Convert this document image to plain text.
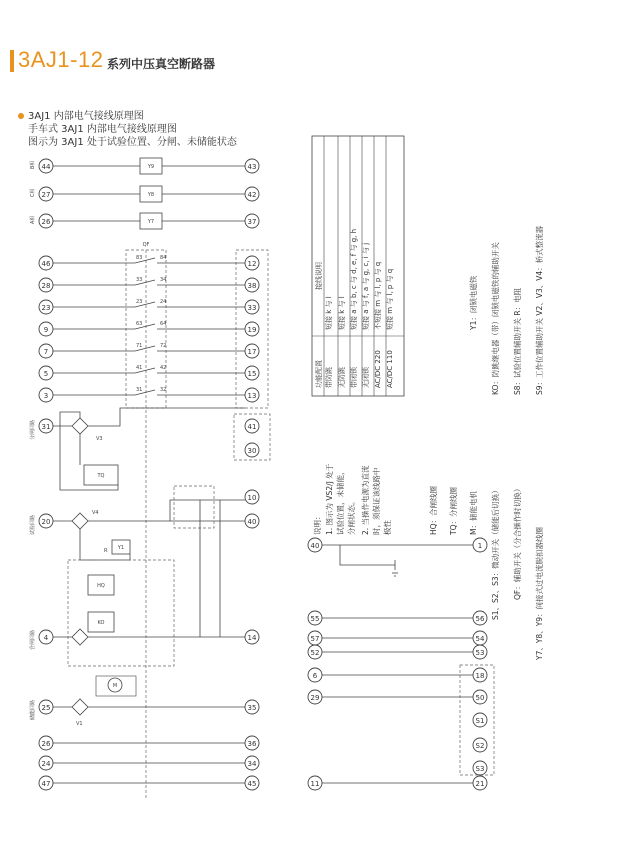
3AJ1-12 系列中压真空断路器
3AJ1 内部电气接线原理图
手车式 3AJ1 内部电气接线原理图
图示为 3AJ1 处于试验位置、分闸、未储能状态
B相
C相
A相
44	Y9	43
27	Y8	42
26	Y7	37
QF
46	12
83	84
28	38
33	34
23	33
23	24
9	19
63	64
7	17
71	72
5	15
41	42
3	13
31	32
分闸回路 31	41
30
V3
TQ
试验回路 20
10
40
V4
Y1
R
合闸回路 4	14
HQ
KO
储能回路 25	35
V1
M
26	36
24	34
47	45
功能配置
接线说明
带防跳
短接 k 与 l
无防跳
短接 k 与 l
带闭锁
短接 a 与 b, c 与 d, e, f 与 g, h
无闭锁
短接 a 与 f, a 与 g, c, i 与 j
AC/DC 220
不短接 m 与 l, p 与 q
AC/DC 110
短接 m 与 l, p 与 q
说明： 1. 图示为 VS2/J 处于 试验位置，未储能， 分闸状态。 2. 当操作电源为直流 时，须保证该线路中 极性	HQ：合闸线圈 TQ：分闸线圈 M：储能电机 S1、S2、S3：微动开关（储能后切换） QF：辅助开关（分合操作时切换） Y7、Y8、Y9：间接式过电流脱扣器线圈
Y1：闭锁电磁铁 KO：防跳继电器（带）闭锁电磁铁的辅助开关 S8：试验位置辅助开关 R：电阻 S9：工作位置辅助开关 V2、V3、V4：桥式整流器
40	1
55	56
57	54
52	53
6	18
29	50
11	21
S1
S2
S3
